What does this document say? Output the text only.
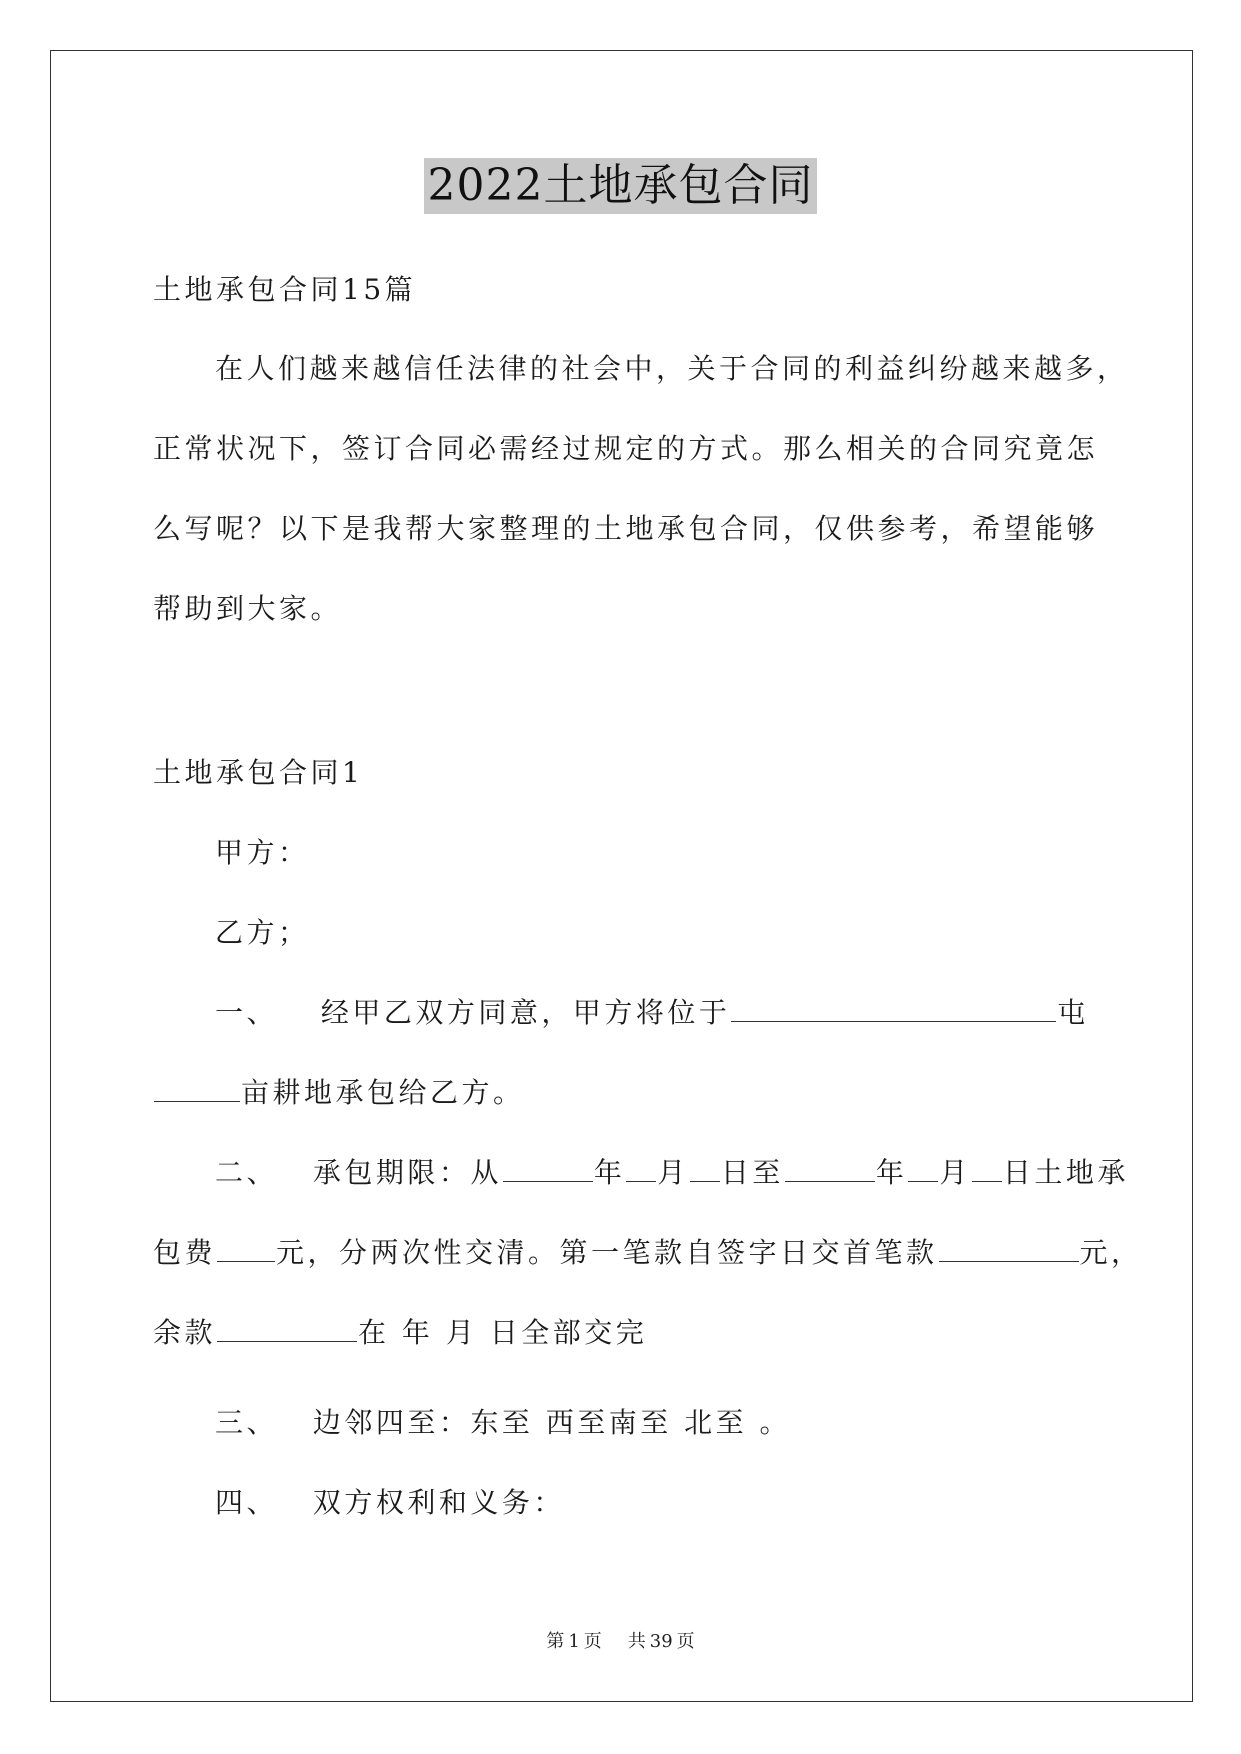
2022土地承包合同
土地承包合同15篇
在人们越来越信任法律的社会中，关于合同的利益纠纷越来越多，
正常状况下，签订合同必需经过规定的方式。那么相关的合同究竟怎
么写呢？以下是我帮大家整理的土地承包合同，仅供参考，希望能够
帮助到大家。
土地承包合同1
甲方：
乙方；
一、 经甲乙双方同意，甲方将位于	屯
亩耕地承包给乙方。
二、 承包期限：从	年 月 日至	年 月 日土地承
包费 元，分两次性交清。第一笔款自签字日交首笔款	元，
余款	在 年 月 日全部交完
三、 边邻四至：东至 西至南至 北至 。
四、 双方权利和义务：
第 1 页 共 39 页
